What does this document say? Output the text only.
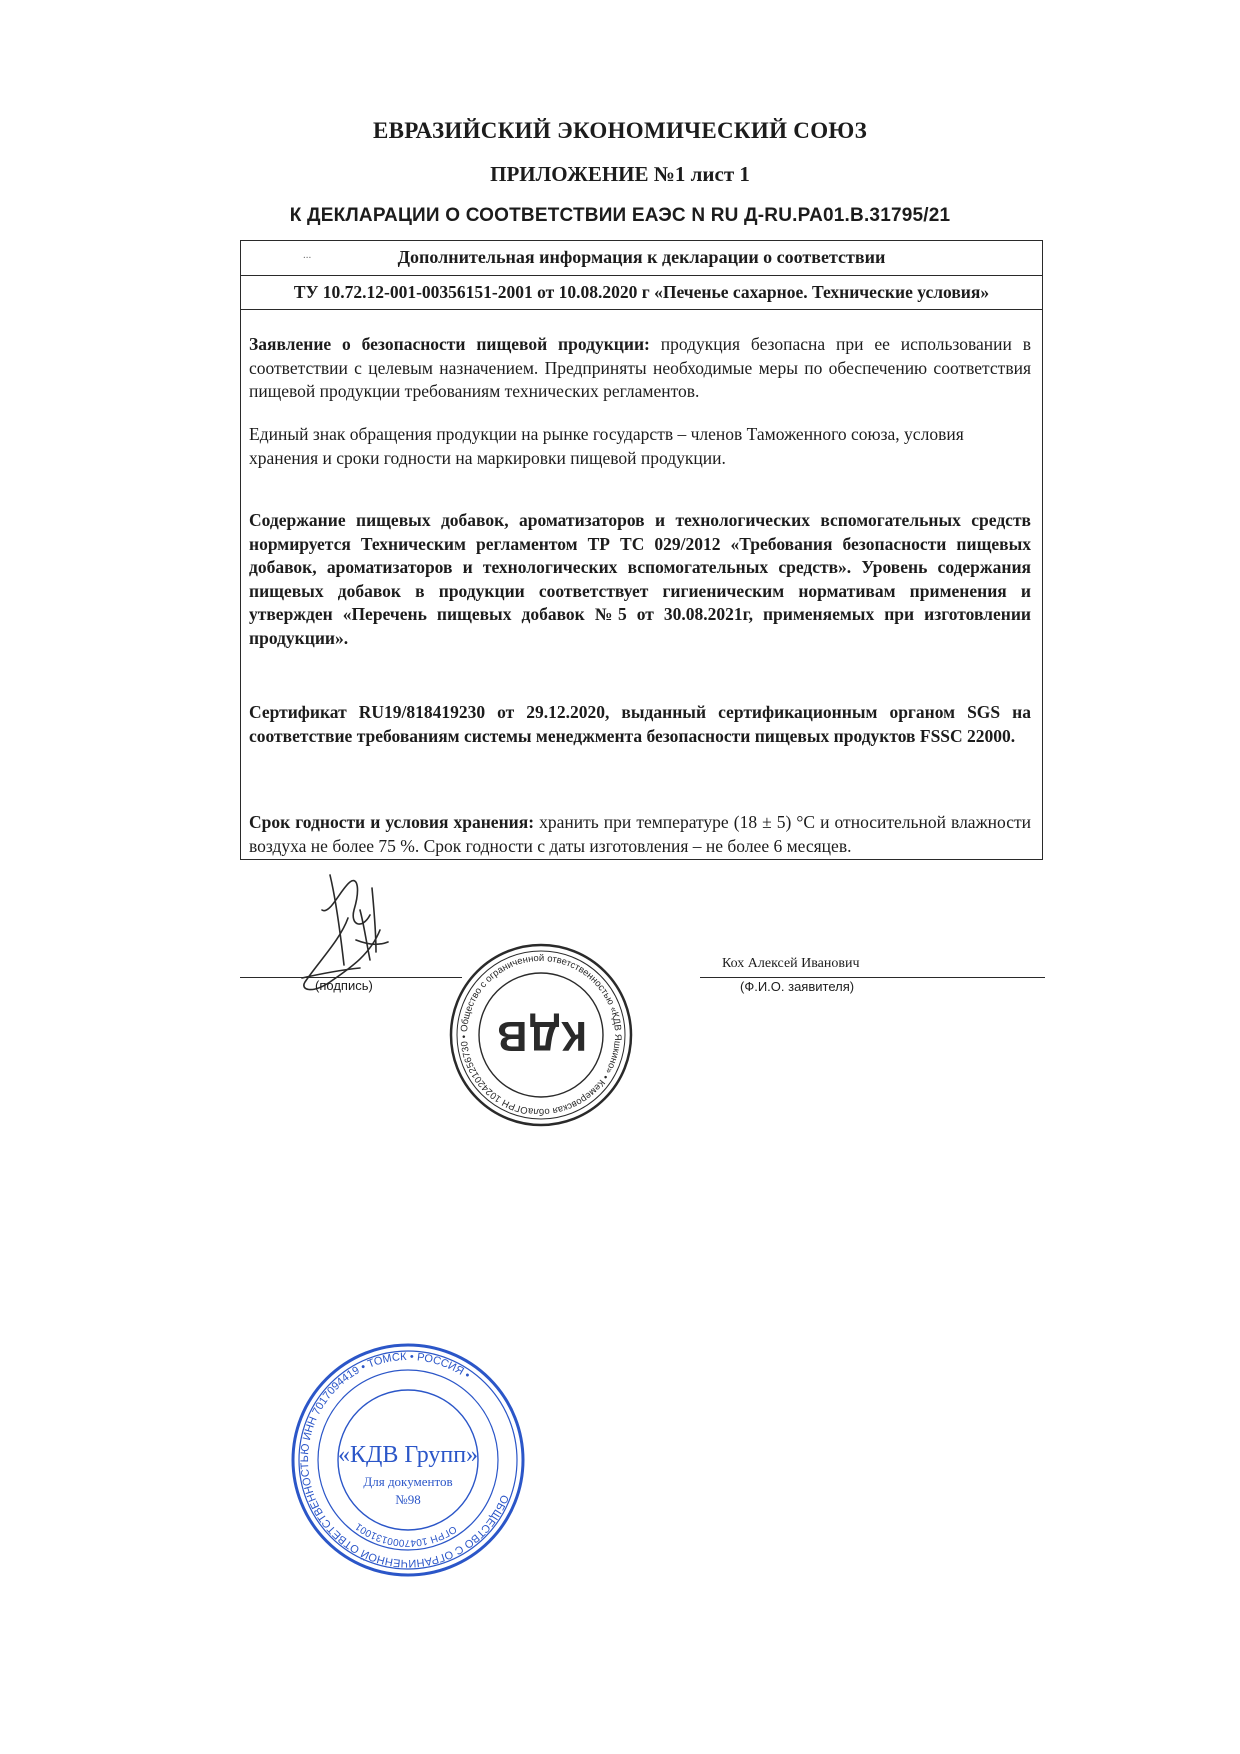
ЕВРАЗИЙСКИЙ ЭКОНОМИЧЕСКИЙ СОЮЗ
ПРИЛОЖЕНИЕ №1 лист 1
К ДЕКЛАРАЦИИ О СООТВЕТСТВИИ ЕАЭС N RU Д-RU.PA01.B.31795/21
...	Дополнительная информация к декларации о соответствии
ТУ 10.72.12-001-00356151-2001 от 10.08.2020 г «Печенье сахарное. Технические условия»
Заявление о безопасности пищевой продукции: продукция безопасна при ее использовании в соответствии с целевым назначением. Предприняты необходимые меры по обеспечению соответствия пищевой продукции требованиям технических регламентов.
Единый знак обращения продукции на рынке государств – членов Таможенного союза, условия хранения и сроки годности на маркировки пищевой продукции.
Содержание пищевых добавок, ароматизаторов и технологических вспомогательных средств нормируется Техническим регламентом ТР ТС 029/2012 «Требования безопасности пищевых добавок, ароматизаторов и технологических вспомогательных средств». Уровень содержания пищевых добавок в продукции соответствует гигиеническим нормативам применения и утвержден «Перечень пищевых добавок №5 от 30.08.2021г, применяемых при изготовлении продукции».
Сертификат RU19/818419230 от 29.12.2020, выданный сертификационным органом SGS на соответствие требованиям системы менеджмента безопасности пищевых продуктов FSSC 22000.
Срок годности и условия хранения: хранить при температуре (18 ± 5) °С и относительной влажности воздуха не более 75 %. Срок годности с даты изготовления – не более 6 месяцев.
(подпись)
Кох Алексей Иванович
(Ф.И.О. заявителя)
ОГРН 1024201256730 • Общество с ограниченной ответственностью «КДВ Яшкино» • Кемеровская область,
КДВ
ОБЩЕСТВО С ОГРАНИЧЕННОЙ ОТВЕТСТВЕННОСТЬЮ ИНН 7017094419 • ТОМСК • РОССИЯ •
ОГРН 1047000131001
«КДВ Групп»
Для документов
№98
